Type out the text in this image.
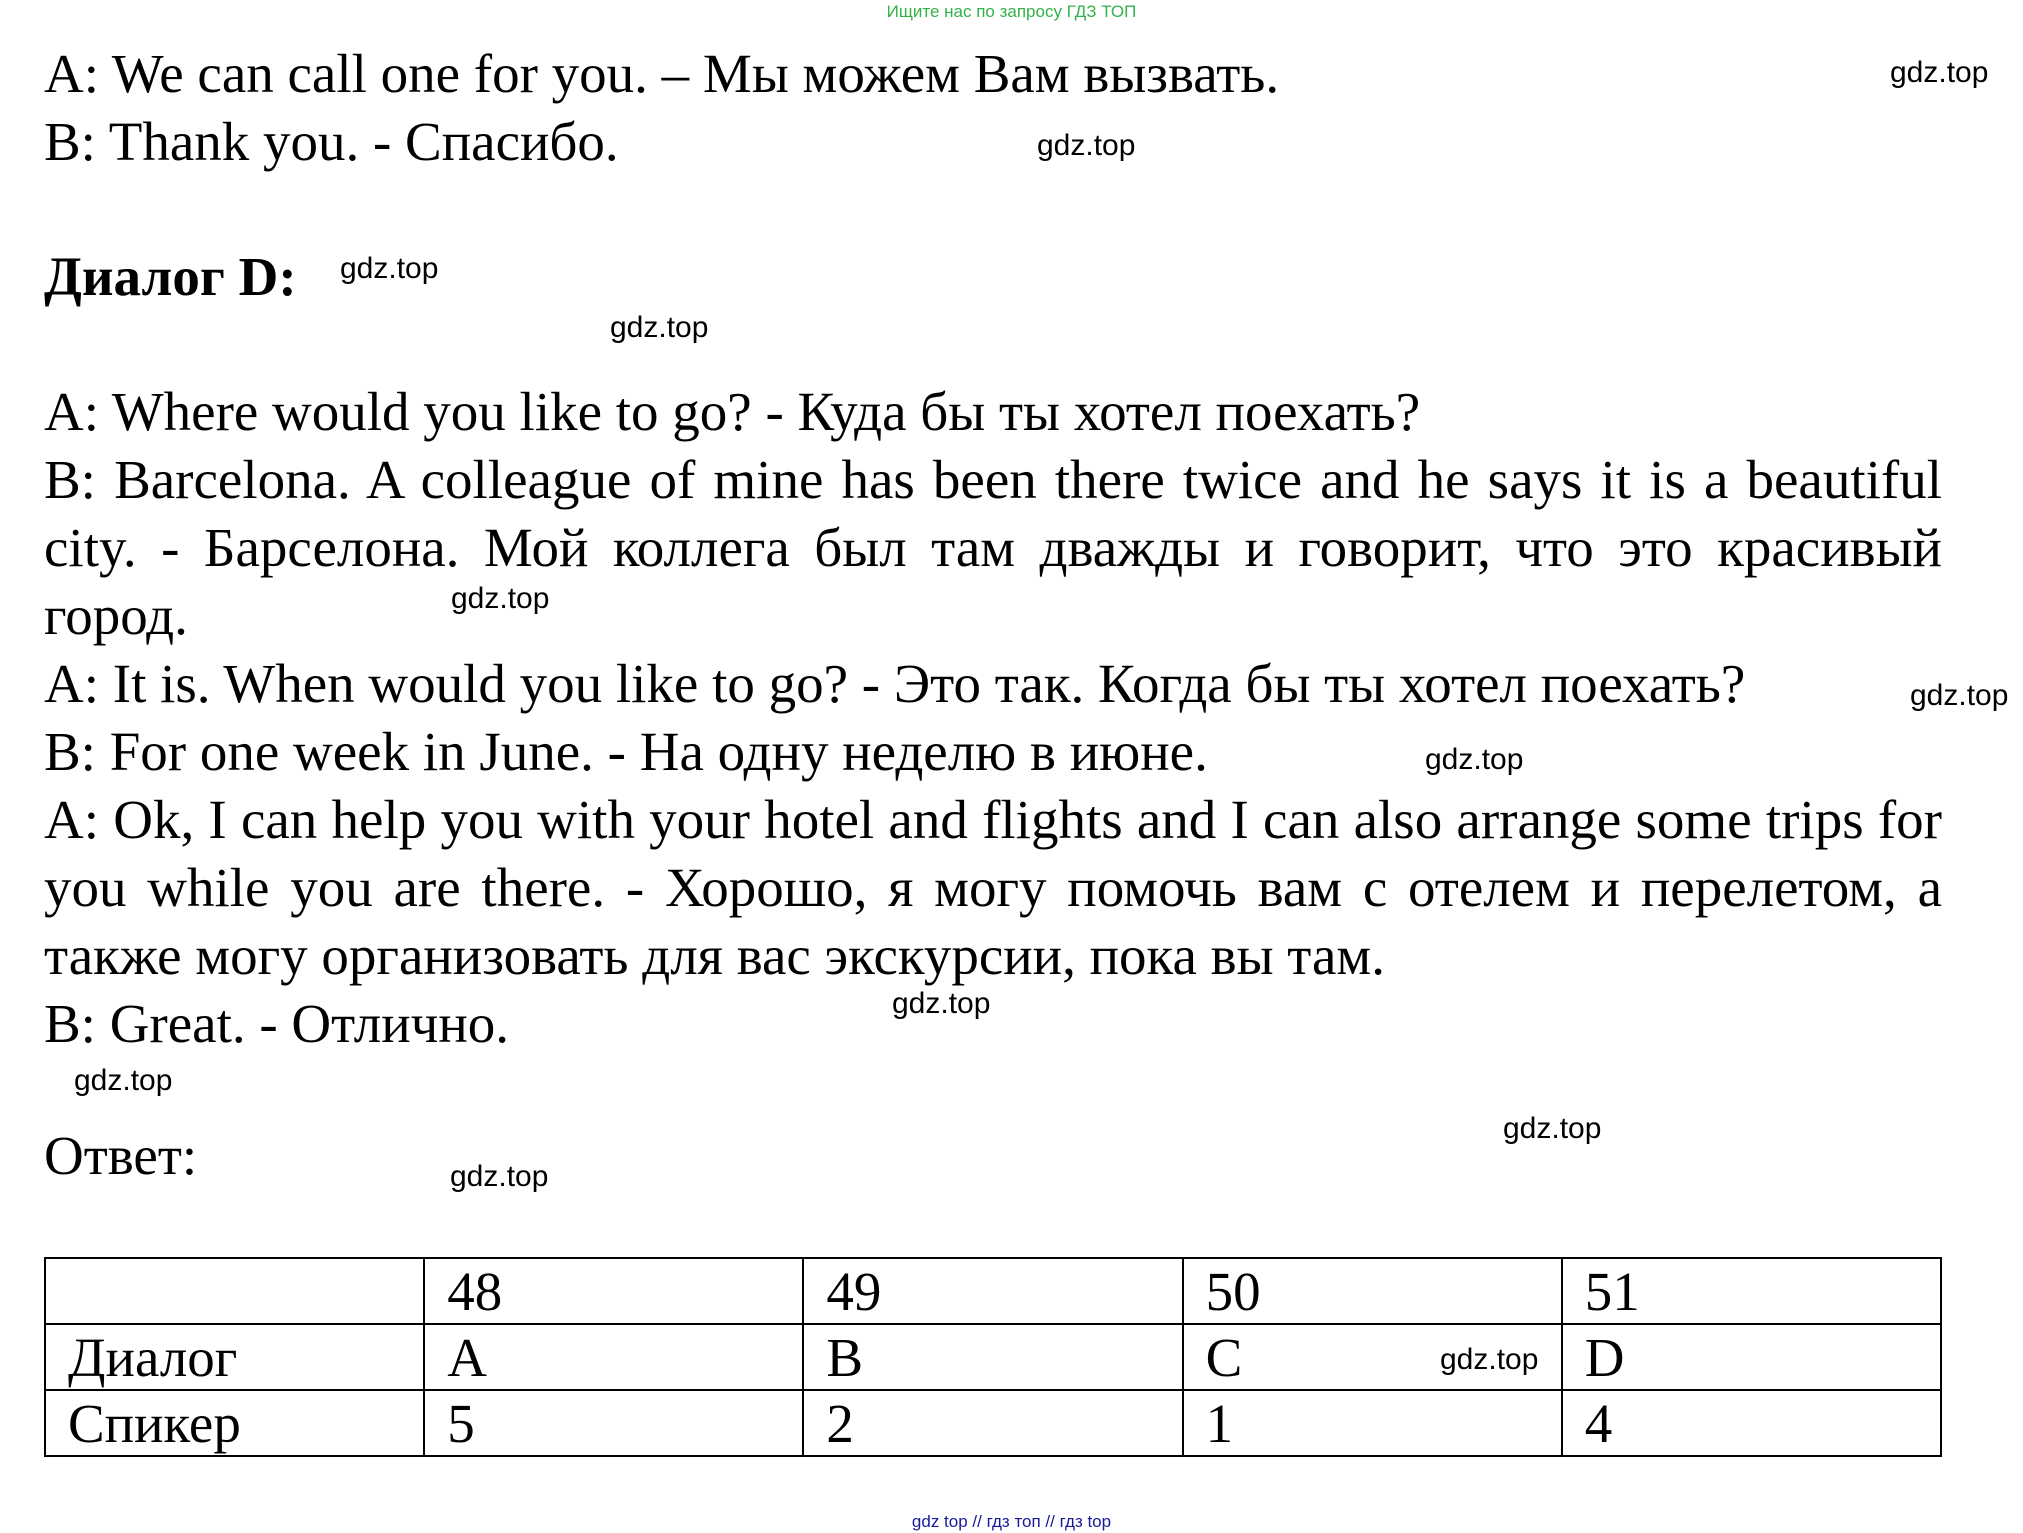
Ищите нас по запросу ГДЗ ТОП
A: We can call one for you. – Мы можем Вам вызвать.
B: Thank you. - Спасибо.
Диалог D:
A: Where would you like to go? - Куда бы ты хотел поехать?
B: Barcelona. A colleague of mine has been there twice and he says it is a beautiful city. - Барселона. Мой коллега был там дважды и говорит, что это красивый город.
A: It is. When would you like to go? - Это так. Когда бы ты хотел поехать?
B: For one week in June. - На одну неделю в июне.
A: Ok, I can help you with your hotel and flights and I can also arrange some trips for you while you are there. - Хорошо, я могу помочь вам с отелем и перелетом, а также могу организовать для вас экскурсии, пока вы там.
B: Great. - Отлично.
Ответ:
	48	49	50	51
Диалог	A	B	C	D
Спикер	5	2	1	4
gdz.top
gdz.top
gdz.top
gdz.top
gdz.top
gdz.top
gdz.top
gdz.top
gdz.top
gdz.top
gdz.top
gdz.top
gdz top // гдз топ // гдз top
